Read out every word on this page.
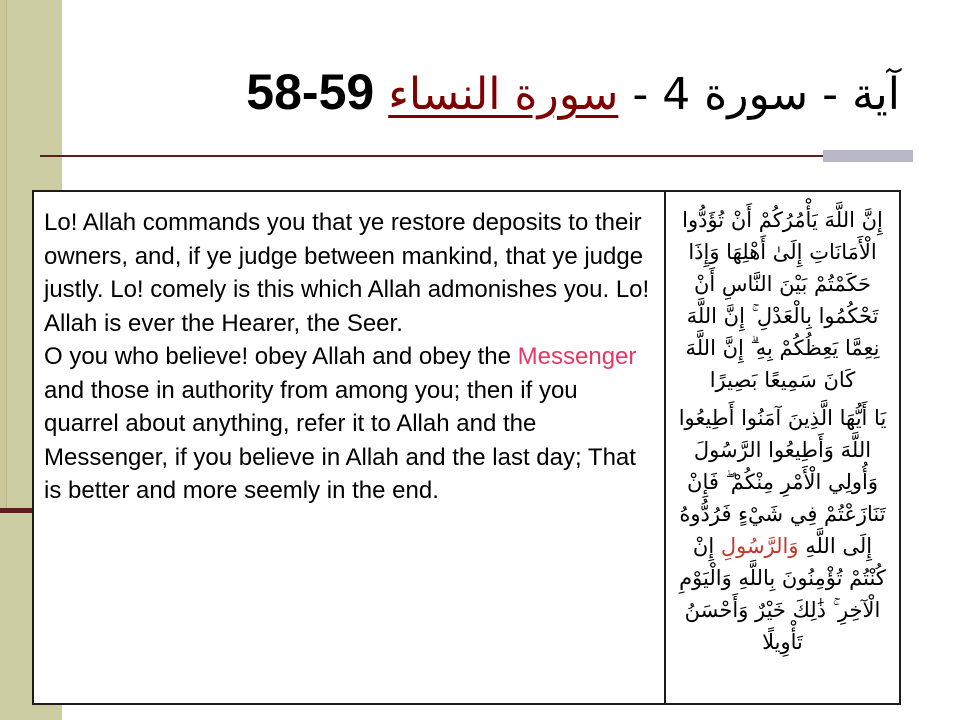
58-59	آية - سورة 4 - سورة النساء

Lo! Allah commands you that ye restore deposits to their owners, and, if ye judge between mankind, that ye judge justly. Lo! comely is this which Allah admonishes you. Lo! Allah is ever the Hearer, the Seer.

O you who believe! obey Allah and obey the Messenger and those in authority from among you; then if you quarrel about anything, refer it to Allah and the Messenger, if you believe in Allah and the last day; That is better and more seemly in the end.

إِنَّ اللَّهَ يَأْمُرُكُمْ أَنْ تُؤَدُّوا الْأَمَانَاتِ إِلَىٰ أَهْلِهَا وَإِذَا حَكَمْتُمْ بَيْنَ النَّاسِ أَنْ تَحْكُمُوا بِالْعَدْلِ ۚ إِنَّ اللَّهَ نِعِمَّا يَعِظُكُمْ بِهِ ۗ إِنَّ اللَّهَ كَانَ سَمِيعًا بَصِيرًا

يَا أَيُّهَا الَّذِينَ آمَنُوا أَطِيعُوا اللَّهَ وَأَطِيعُوا الرَّسُولَ وَأُولِي الْأَمْرِ مِنْكُمْ ۖ فَإِنْ تَنَازَعْتُمْ فِي شَيْءٍ فَرُدُّوهُ إِلَى اللَّهِ وَالرَّسُولِ إِنْ كُنْتُمْ تُؤْمِنُونَ بِاللَّهِ وَالْيَوْمِ الْآخِرِ ۚ ذَٰلِكَ خَيْرٌ وَأَحْسَنُ تَأْوِيلًا
